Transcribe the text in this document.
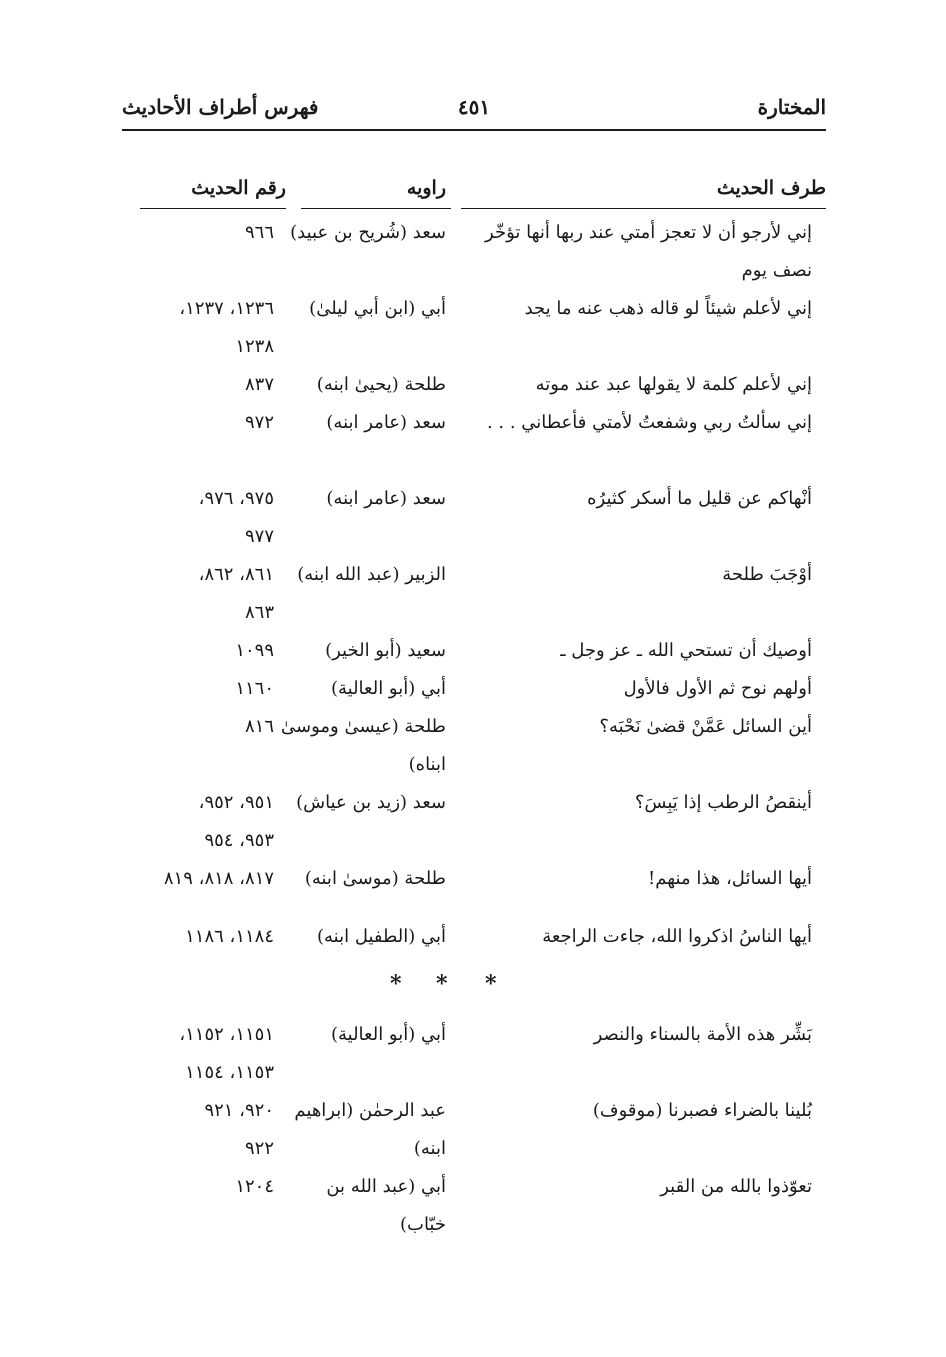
المختارة
٤٥١
فهرس أطراف الأحاديث
طرف الحديث
راويه
رقم الحديث
إني لأرجو أن لا تعجز أمتي عند ربها أنها تؤخّر نصف يوم
سعد (شُريح بن عبيد)
٩٦٦
إني لأعلم شيئاً لو قاله ذهب عنه ما يجد
أبي (ابن أبي ليلىٰ)
١٢٣٦، ١٢٣٧،
١٢٣٨
إني لأعلم كلمة لا يقولها عبد عند موته
طلحة (يحيىٰ ابنه)
٨٣٧
إني سألتُ ربي وشفعتُ لأمتي فأعطاني . . .
سعد (عامر ابنه)
٩٧٢
أنْهاكم عن قليل ما أسكر كثيرُه
سعد (عامر ابنه)
٩٧٥، ٩٧٦،
٩٧٧
أوْجَبَ طلحة
الزبير (عبد الله ابنه)
٨٦١، ٨٦٢،
٨٦٣
أوصيك أن تستحي الله ـ عز وجل ـ
سعيد (أبو الخير)
١٠٩٩
أولهم نوح ثم الأول فالأول
أبي (أبو العالية)
١١٦٠
أين السائل عَمَّنْ قضىٰ نَحْبَه؟
طلحة (عيسىٰ وموسىٰ ابناه)
٨١٦
أينقصُ الرطب إذا يَبِسَ؟
سعد (زيد بن عياش)
٩٥١، ٩٥٢،
٩٥٣، ٩٥٤
أيها السائل، هذا منهم!
طلحة (موسىٰ ابنه)
٨١٧، ٨١٨، ٨١٩
أيها الناسُ اذكروا الله، جاءت الراجعة
أبي (الطفيل ابنه)
١١٨٤، ١١٨٦
*
*
*
بَشِّر هذه الأمة بالسناء والنصر
أبي (أبو العالية)
١١٥١، ١١٥٢،
١١٥٣، ١١٥٤
بُلينا بالضراء فصبرنا (موقوف)
عبد الرحمٰن (ابراهيم ابنه)
٩٢٠، ٩٢١
٩٢٢
تعوّذوا بالله من القبر
أبي (عبد الله بن خبّاب)
١٢٠٤
